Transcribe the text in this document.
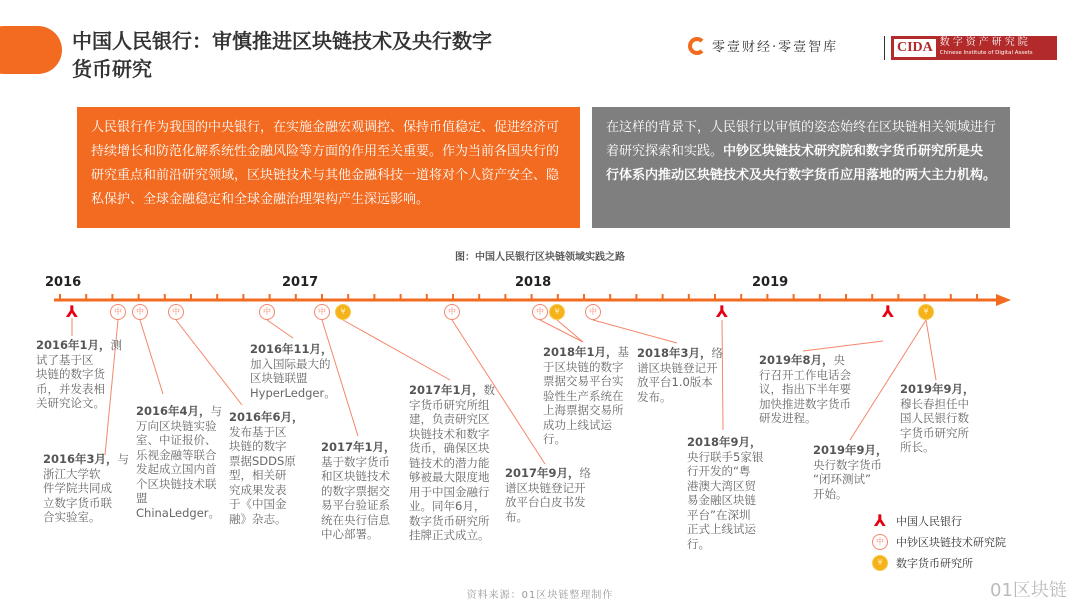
中国人民银行：审慎推进区块链技术及央行数字货币研究
零壹财经·零壹智库	CIDA 数字资产研究院
Chinese Institute of Digital Assets
人民银行作为我国的中央银行，在实施金融宏观调控、保持币值稳定、促进经济可持续增长和防范化解系统性金融风险等方面的作用至关重要。作为当前各国央行的研究重点和前沿研究领域，区块链技术与其他金融科技一道将对个人资产安全、隐私保护、全球金融稳定和全球金融治理架构产生深远影响。
在这样的背景下，人民银行以审慎的姿态始终在区块链相关领域进行着研究探索和实践。中钞区块链技术研究院和数字货币研究所是央行体系内推动区块链技术及央行数字货币应用落地的两大主力机构。
图：中国人民银行区块链领域实践之路
2016	2017	2018	2019
⅄	中	中	中	中	中	¥	中	中	¥	中	⅄	⅄	¥
2016年1月，测试了基于区
块链的数字货
币，并发表相
关研究论文。
2016年3月，与浙江大学软
件学院共同成
立数字货币联
合实验室。
2016年4月，与
万向区块链实验
室、中证报价、
乐视金融等联合
发起成立国内首
个区块链技术联
盟ChinaLedger。
2016年6月，
发布基于区
块链的数字
票据SDDS原
型，相关研
究成果发表
于《中国金
融》杂志。
2016年11月，
加入国际最大的
区块链联盟
HyperLedger。
2017年1月，
基于数字货币
和区块链技术
的数字票据交
易平台验证系
统在央行信息
中心部署。
2017年1月，数
字货币研究所组
建，负责研究区
块链技术和数字
货币，确保区块
链技术的潜力能
够被最大限度地
用于中国金融行
业。同年6月，
数字货币研究所
挂牌正式成立。
2017年9月，络
谱区块链登记开
放平台白皮书发
布。
2018年1月，基
于区块链的数字
票据交易平台实
验性生产系统在
上海票据交易所
成功上线试运行。
2018年3月，络
谱区块链登记开
放平台1.0版本
发布。
2018年9月，
央行联手5家银
行开发的“粤
港澳大湾区贸
易金融区块链
平台”在深圳
正式上线试运
行。
2019年8月，央
行召开工作电话会
议，指出下半年要
加快推进数字货币
研发进程。
2019年9月，
央行数字货币
“闭环测试”
开始。
2019年9月，
穆长春担任中
国人民银行数
字货币研究所
所长。
⅄ 中国人民银行
中	中钞区块链技术研究院
¥	数字货币研究所
01区块链
资料来源：01区块链整理制作
